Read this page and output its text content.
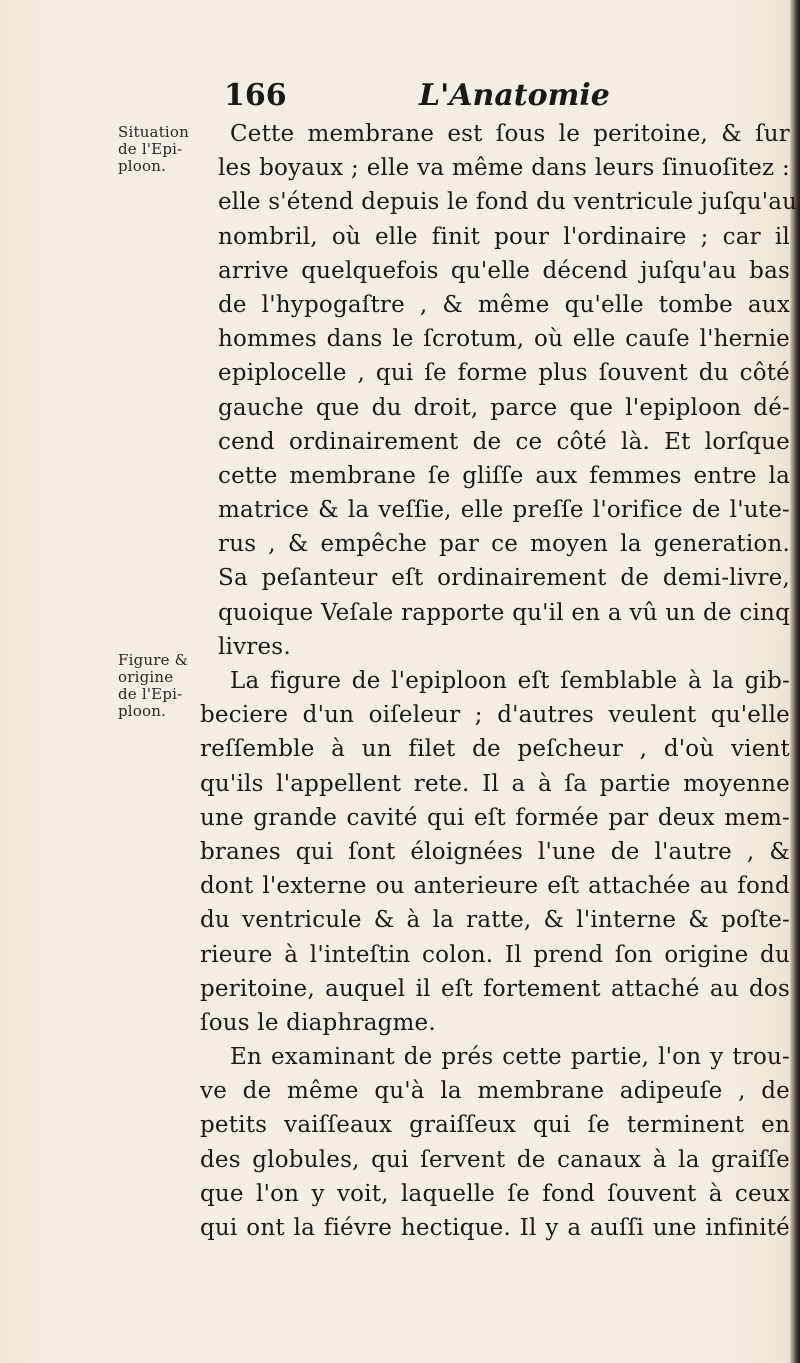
166	L'Anatomie
Situation
de l'Epi-
ploon.
Figure &
origine
de l'Epi-
ploon.
Cette membrane est ſous le peritoine, & ſur
les boyaux ; elle va même dans leurs ſinuoſitez :
elle s'étend depuis le fond du ventricule juſqu'au
nombril, où elle finit pour l'ordinaire ; car il
arrive quelquefois qu'elle décend juſqu'au bas
de l'hypogaſtre , & même qu'elle tombe aux
hommes dans le ſcrotum, où elle cauſe l'hernie
epiplocelle , qui ſe forme plus ſouvent du côté
gauche que du droit, parce que l'epiploon dé-
cend ordinairement de ce côté là. Et lorſque
cette membrane ſe gliſſe aux femmes entre la
matrice & la veſſie, elle preſſe l'orifice de l'ute-
rus , & empêche par ce moyen la generation.
Sa peſanteur eſt ordinairement de demi-livre,
quoique Veſale rapporte qu'il en a vû un de cinq
livres.
La figure de l'epiploon eſt ſemblable à la gib-
beciere d'un oiſeleur ; d'autres veulent qu'elle
reſſemble à un filet de peſcheur , d'où vient
qu'ils l'appellent rete. Il a à ſa partie moyenne
une grande cavité qui eſt formée par deux mem-
branes qui ſont éloignées l'une de l'autre , &
dont l'externe ou anterieure eſt attachée au fond
du ventricule & à la ratte, & l'interne & poſte-
rieure à l'inteſtin colon. Il prend ſon origine du
peritoine, auquel il eſt fortement attaché au dos
ſous le diaphragme.
En examinant de prés cette partie, l'on y trou-
ve de même qu'à la membrane adipeuſe , de
petits vaiſſeaux graiſſeux qui ſe terminent en
des globules, qui ſervent de canaux à la graiſſe
que l'on y voit, laquelle ſe fond ſouvent à ceux
qui ont la fiévre hectique. Il y a auſſi une infinité
